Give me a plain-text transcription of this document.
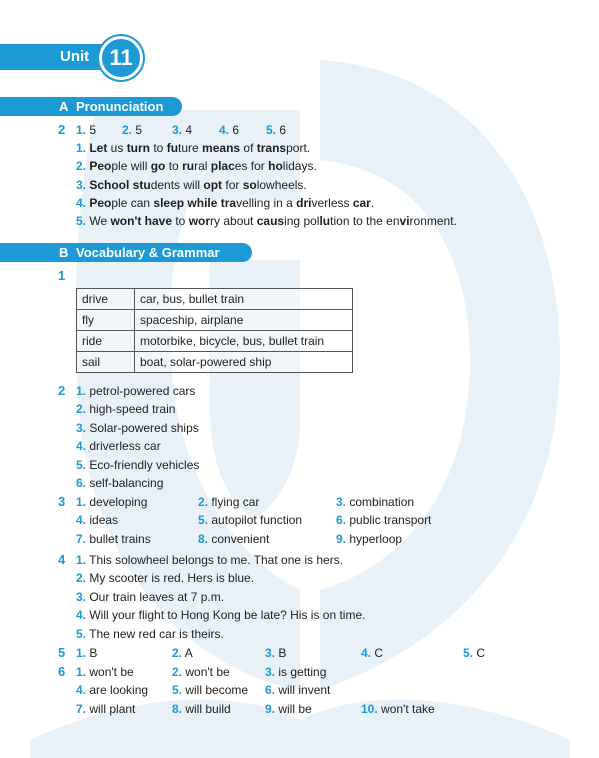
Unit 11
A Pronunciation
2 1. 5 2. 5 3. 4 4. 6 5. 6
1. Let us turn to future means of transport.
2. People will go to rural places for holidays.
3. School students will opt for solowheels.
4. People can sleep while travelling in a driverless car.
5. We won't have to worry about causing pollution to the environment.
B Vocabulary & Grammar
1
drive	car, bus, bullet train
fly	spaceship, airplane
ride	motorbike, bicycle, bus, bullet train
sail	boat, solar-powered ship
2 1. petrol-powered cars
2. high-speed train
3. Solar-powered ships
4. driverless car
5. Eco-friendly vehicles
6. self-balancing
3 1. developing	2. flying car	3. combination
4. ideas	5. autopilot function	6. public transport
7. bullet trains	8. convenient	9. hyperloop
4 1. This solowheel belongs to me. That one is hers.
2. My scooter is red. Hers is blue.
3. Our train leaves at 7 p.m.
4. Will your flight to Hong Kong be late? His is on time.
5. The new red car is theirs.
5 1. B	2. A	3. B	4. C	5. C
6 1. won't be	2. won't be	3. is getting
4. are looking 5. will become 6. will invent
7. will plant	8. will build	9. will be	10. won't take
